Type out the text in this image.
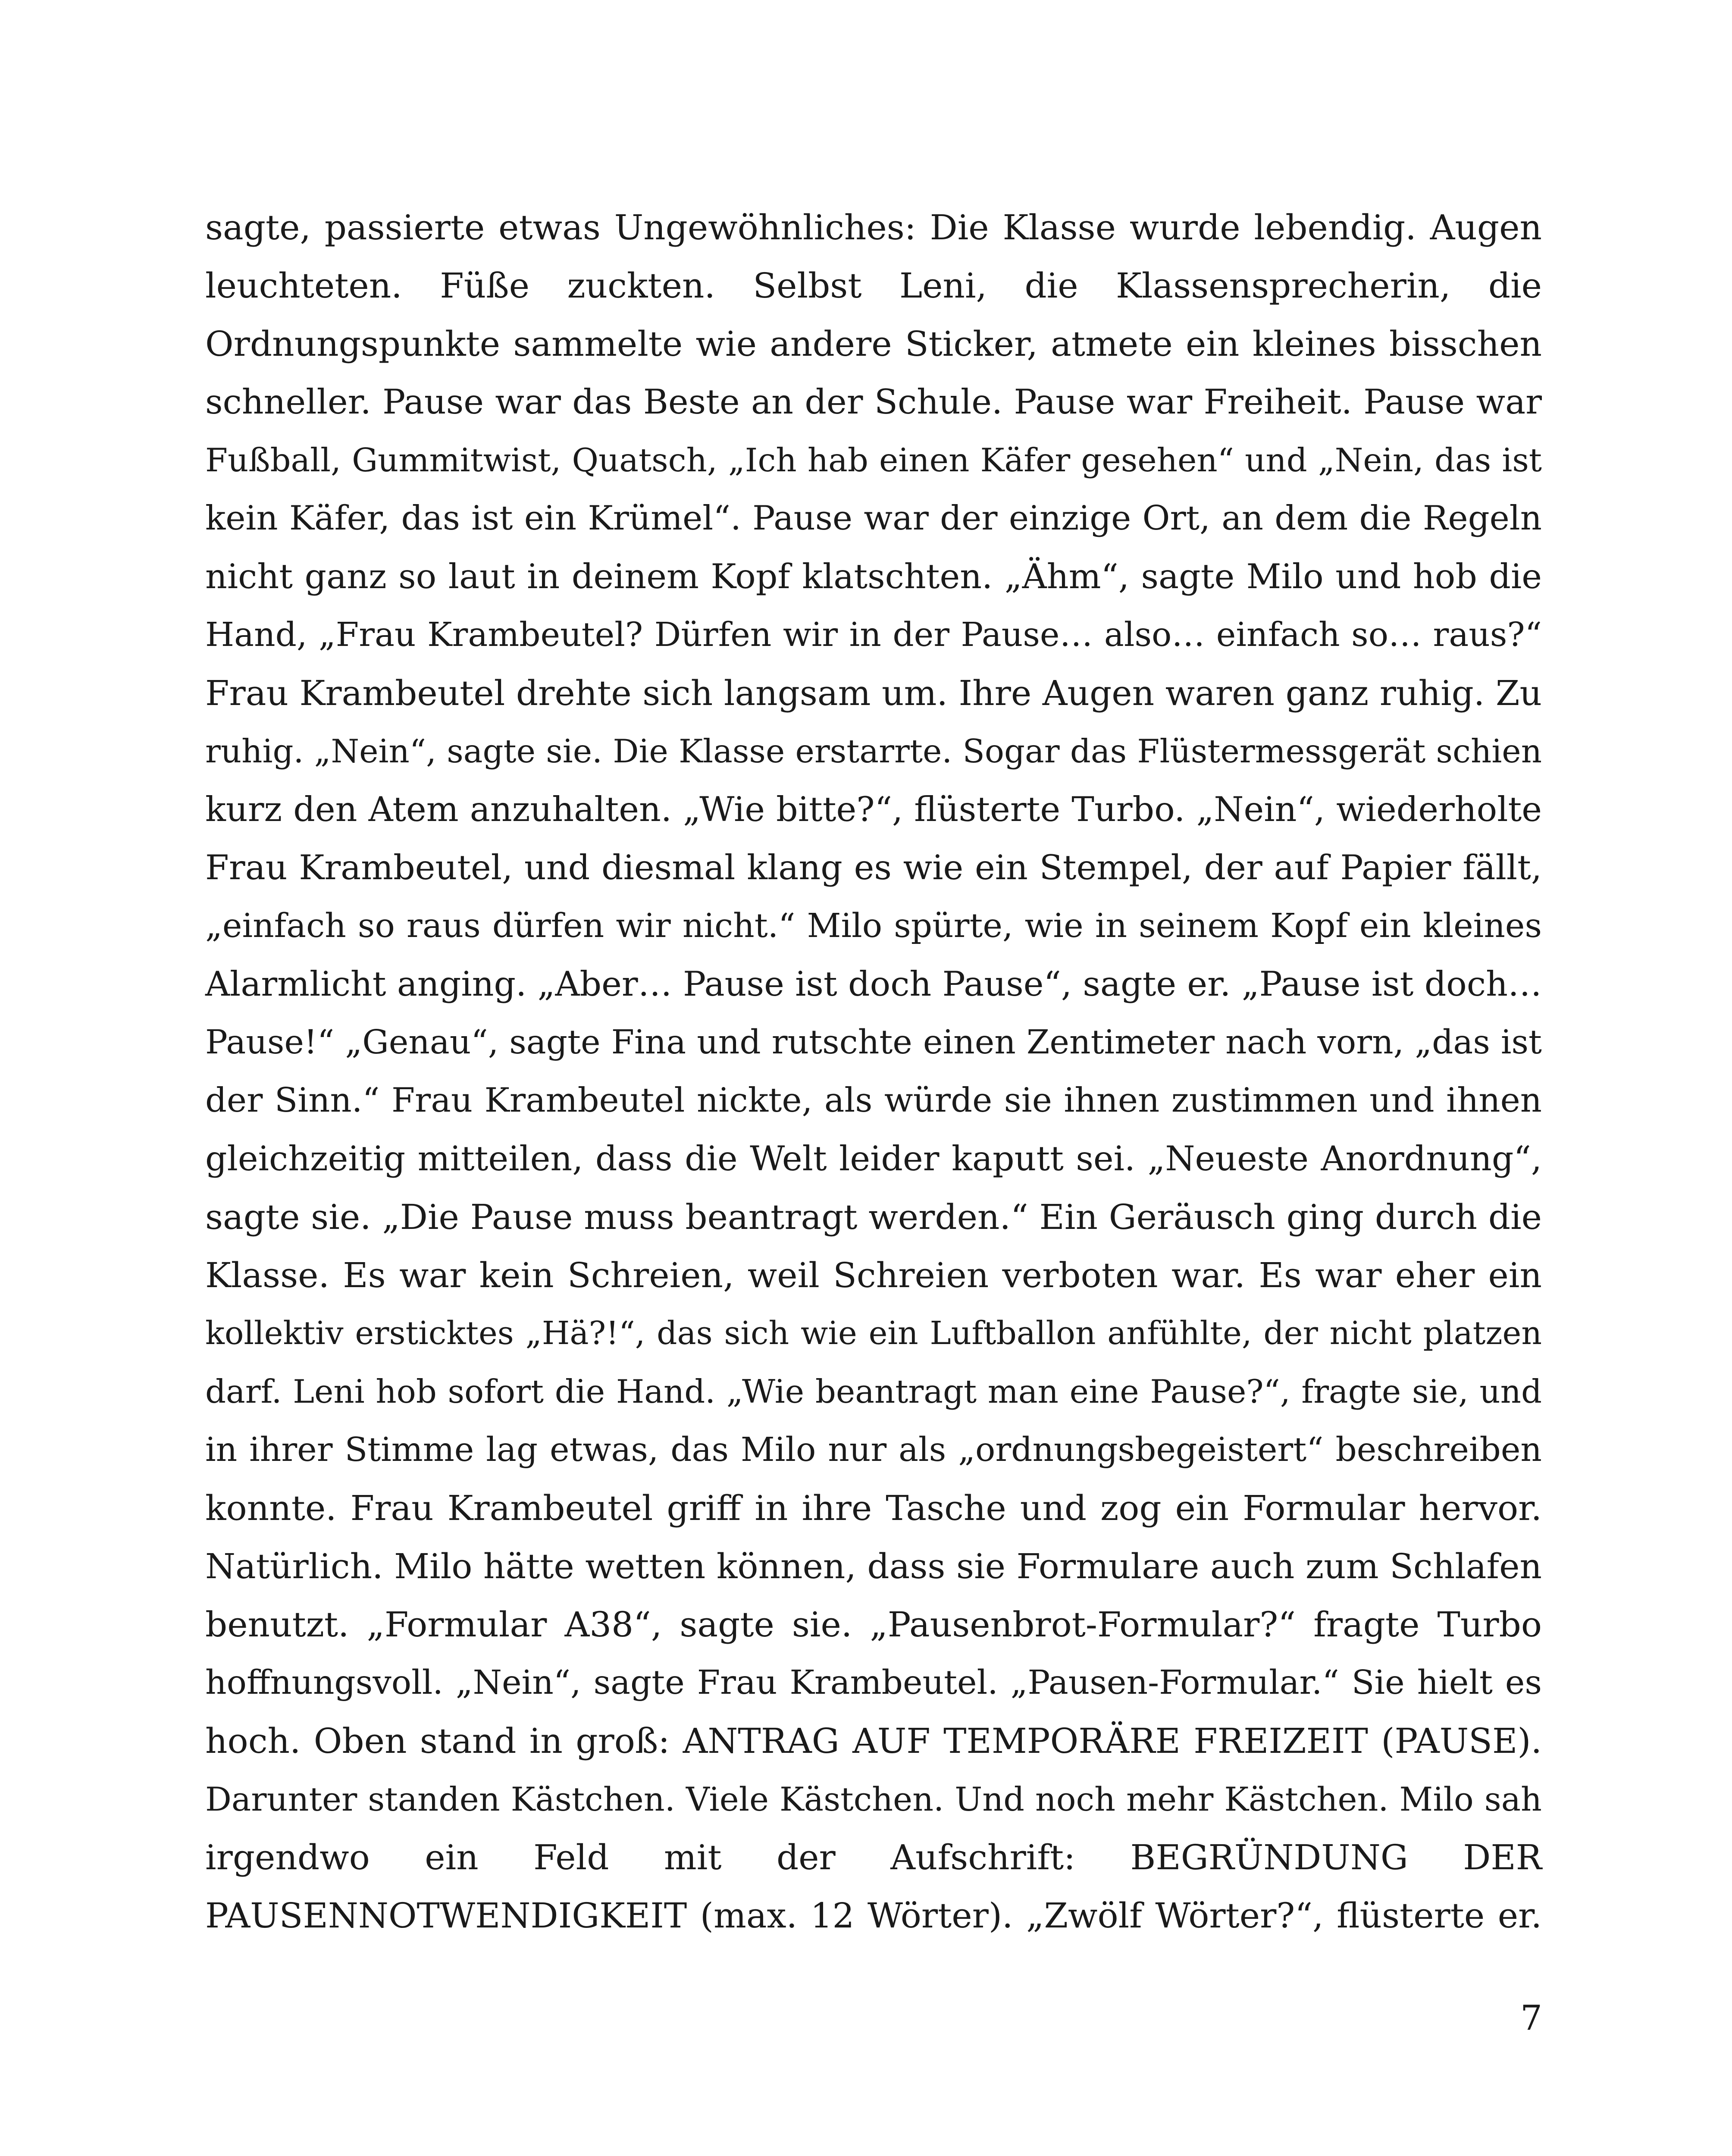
sagte, passierte etwas Ungewöhnliches: Die Klasse wurde lebendig. Augen
leuchteten. Füße zuckten. Selbst Leni, die Klassensprecherin, die
Ordnungspunkte sammelte wie andere Sticker, atmete ein kleines bisschen
schneller. Pause war das Beste an der Schule. Pause war Freiheit. Pause war
Fußball, Gummitwist, Quatsch, „Ich hab einen Käfer gesehen“ und „Nein, das ist
kein Käfer, das ist ein Krümel“. Pause war der einzige Ort, an dem die Regeln
nicht ganz so laut in deinem Kopf klatschten. „Ähm“, sagte Milo und hob die
Hand, „Frau Krambeutel? Dürfen wir in der Pause… also… einfach so… raus?“
Frau Krambeutel drehte sich langsam um. Ihre Augen waren ganz ruhig. Zu
ruhig. „Nein“, sagte sie. Die Klasse erstarrte. Sogar das Flüstermessgerät schien
kurz den Atem anzuhalten. „Wie bitte?“, flüsterte Turbo. „Nein“, wiederholte
Frau Krambeutel, und diesmal klang es wie ein Stempel, der auf Papier fällt,
„einfach so raus dürfen wir nicht.“ Milo spürte, wie in seinem Kopf ein kleines
Alarmlicht anging. „Aber… Pause ist doch Pause“, sagte er. „Pause ist doch…
Pause!“ „Genau“, sagte Fina und rutschte einen Zentimeter nach vorn, „das ist
der Sinn.“ Frau Krambeutel nickte, als würde sie ihnen zustimmen und ihnen
gleichzeitig mitteilen, dass die Welt leider kaputt sei. „Neueste Anordnung“,
sagte sie. „Die Pause muss beantragt werden.“ Ein Geräusch ging durch die
Klasse. Es war kein Schreien, weil Schreien verboten war. Es war eher ein
kollektiv ersticktes „Hä?!“, das sich wie ein Luftballon anfühlte, der nicht platzen
darf. Leni hob sofort die Hand. „Wie beantragt man eine Pause?“, fragte sie, und
in ihrer Stimme lag etwas, das Milo nur als „ordnungsbegeistert“ beschreiben
konnte. Frau Krambeutel griff in ihre Tasche und zog ein Formular hervor.
Natürlich. Milo hätte wetten können, dass sie Formulare auch zum Schlafen
benutzt. „Formular A38“, sagte sie. „Pausenbrot-Formular?“ fragte Turbo
hoffnungsvoll. „Nein“, sagte Frau Krambeutel. „Pausen-Formular.“ Sie hielt es
hoch. Oben stand in groß: ANTRAG AUF TEMPORÄRE FREIZEIT (PAUSE).
Darunter standen Kästchen. Viele Kästchen. Und noch mehr Kästchen. Milo sah
irgendwo ein Feld mit der Aufschrift: BEGRÜNDUNG DER
PAUSENNOTWENDIGKEIT (max. 12 Wörter). „Zwölf Wörter?“, flüsterte er.
7
